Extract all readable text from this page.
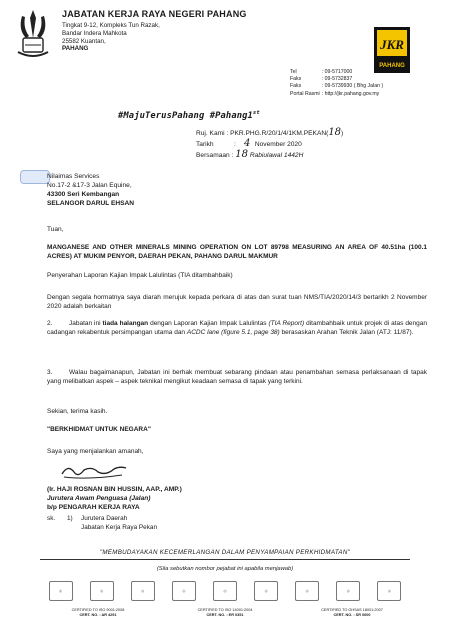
JABATAN KERJA RAYA NEGERI PAHANG
Tingkat 9-12, Kompleks Tun Razak,
Bandar Indera Mahkota
25582 Kuantan,
PAHANG	JKR
PAHANG
Tel	: 09-5717000
Faks	: 09-5732837
Faks	: 09-5739930 ( Bhg Jalan )
Portal Rasmi	: http://jkr.pahang.gov.my
#MajuTerusPahang #Pahang1st
Ruj. Kami : PKR.PHG.R/20/1/4/1KM.PEKAN(18)
Tarikh	: 4 November 2020
Bersamaan : 18 Rabiulawal 1442H
Nilaimas Services
No.17-2 &17-3 Jalan Equine,
43300 Seri Kembangan
SELANGOR DARUL EHSAN
Tuan,
MANGANESE AND OTHER MINERALS MINING OPERATION ON LOT 89798 MEASURING AN AREA OF 40.51ha (100.1 ACRES) AT MUKIM PENYOR, DAERAH PEKAN, PAHANG DARUL MAKMUR
Penyerahan Laporan Kajian Impak Lalulintas (TIA ditambahbaik)
Dengan segala hormatnya saya diarah merujuk kepada perkara di atas dan surat tuan NMS/TIA/2020/14/3 bertarikh 2 November 2020 adalah berkaitan
2.	Jabatan ini tiada halangan dengan Laporan Kajian Impak Lalulintas (TIA Report) ditambahbaik untuk projek di atas dengan cadangan rekabentuk persimpangan utama dan ACDC lane (figure 5.1, page 38) berasaskan Arahan Teknik Jalan (ATJ: 11/87).
3.	Walau bagaimanapun, Jabatan ini berhak membuat sebarang pindaan atau penambahan semasa perlaksanaan di tapak yang melibatkan aspek – aspek teknikal mengikut keadaan semasa di tapak yang terkini.
Sekian, terima kasih.
"BERKHIDMAT UNTUK NEGARA"
Saya yang menjalankan amanah,
(Ir. HAJI ROSNAN BIN HUSSIN, AAP., AMP.)
Jurutera Awam Penguasa (Jalan)
b/p PENGARAH KERJA RAYA
sk. 1) Jurutera Daerah
Jabatan Kerja Raya Pekan
"MEMBUDAYAKAN KECEMERLANGAN DALAM PENYAMPAIAN PERKHIDMATAN"
(Sila sebutkan nombor pejabat ini apabila menjawab)
◎	◎	◎	◎	◎	◎	◎	◎	◎
CERTIFIED TO ISO 9001:2008
CERT. NO. : AR 4291
CERTIFIED TO ISO 14001:2004
CERT. NO. : ER 0351
CERTIFIED TO OHSAS 18001:2007
CERT. NO. : SR 0600
